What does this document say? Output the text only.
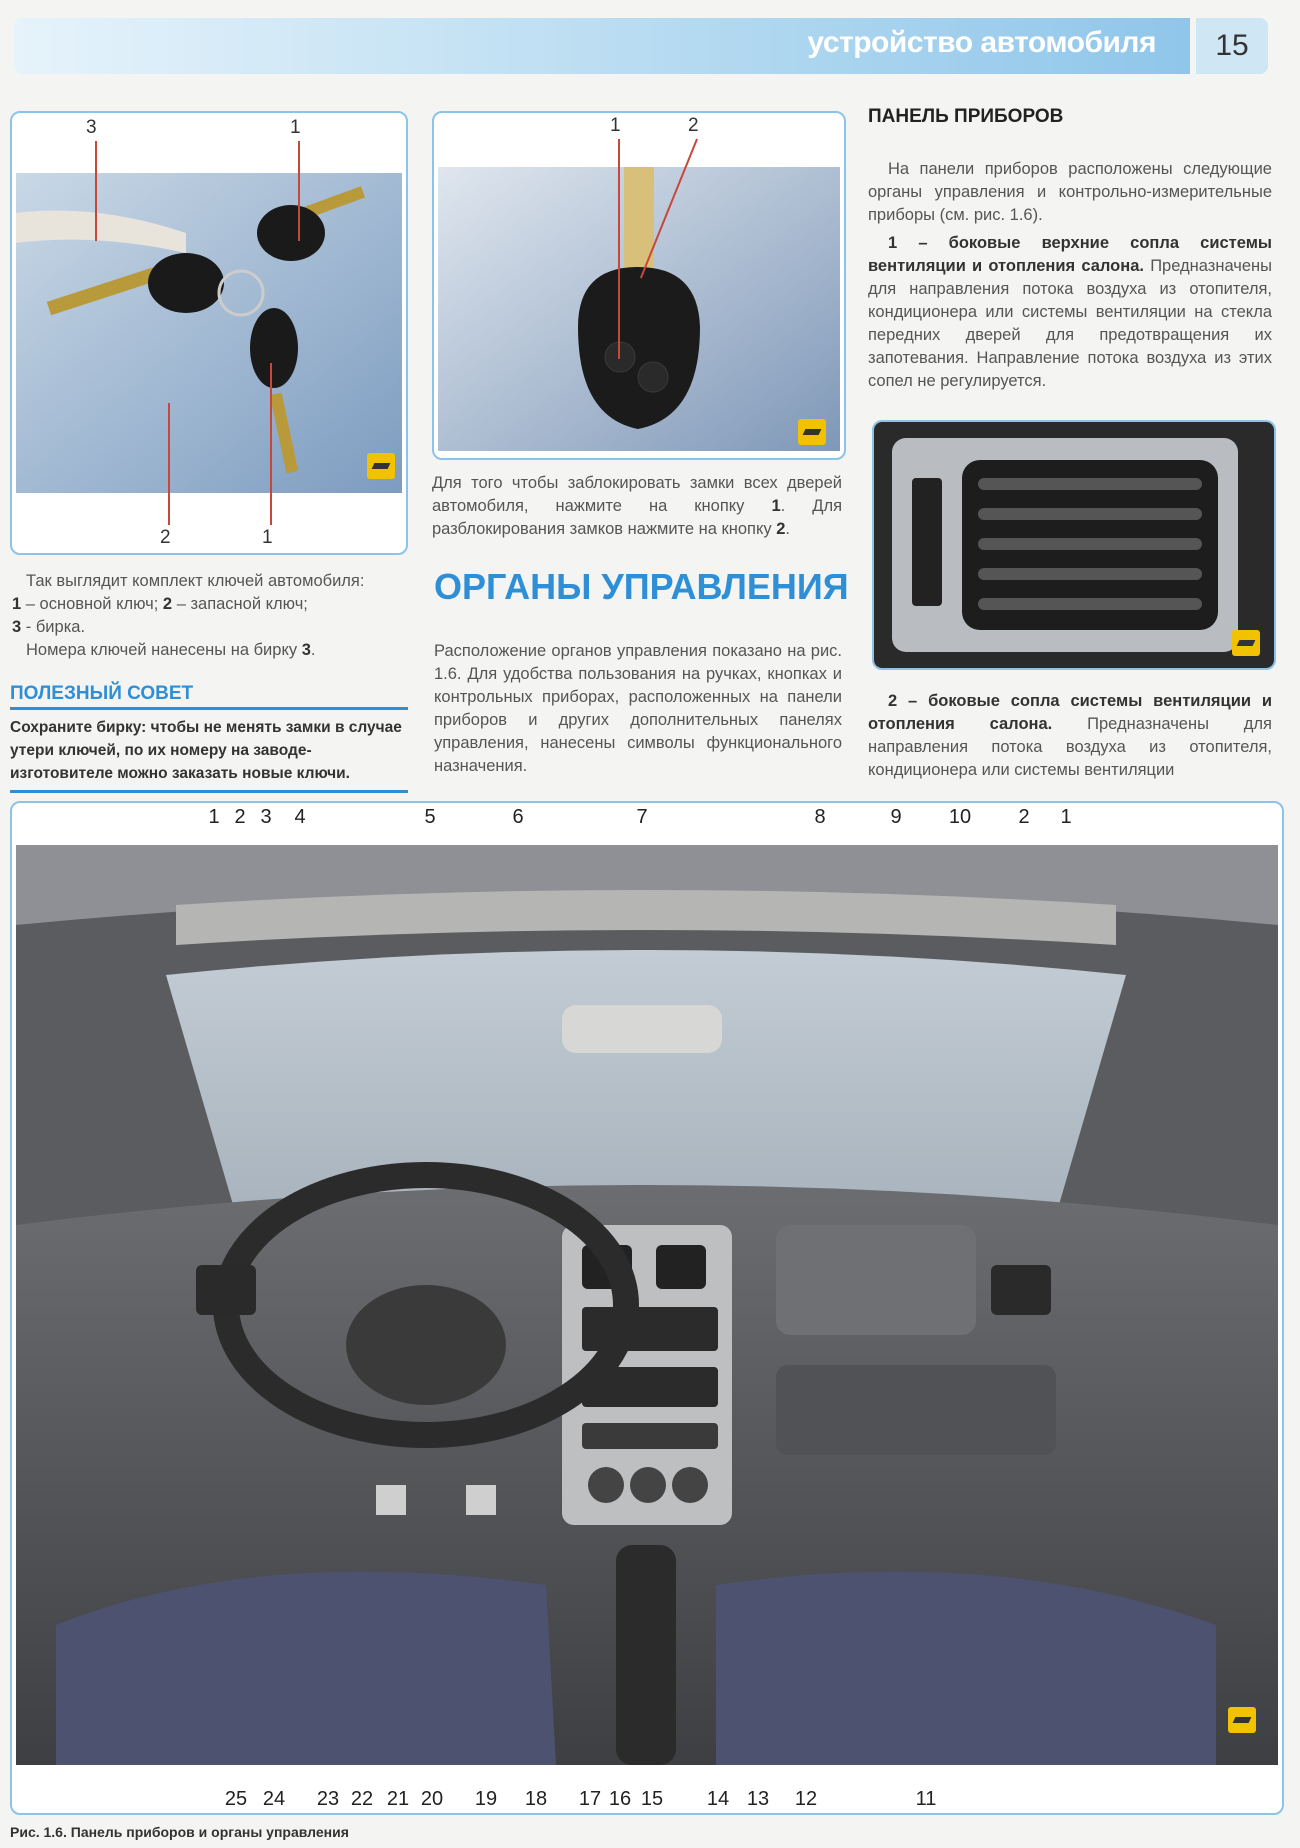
устройство автомобиля	15
3	1
2	1
1	2
Для того чтобы заблокировать замки всех дверей автомобиля, нажмите на кнопку 1. Для разблокирования замков нажмите на кнопку 2.
Так выглядит комплект ключей автомобиля:
1 – основной ключ; 2 – запасной ключ;
3 - бирка.
Номера ключей нанесены на бирку 3.
ПОЛЕЗНЫЙ СОВЕТ
Сохраните бирку: чтобы не менять замки в случае утери ключей, по их номеру на заводе-изготовителе можно заказать новые ключи.
ОРГАНЫ УПРАВЛЕНИЯ
Расположение органов управления показано на рис. 1.6. Для удобства пользования на ручках, кнопках и контрольных приборах, расположенных на панели приборов и других дополнительных панелях управления, нанесены символы функционального назначения.
ПАНЕЛЬ ПРИБОРОВ
На панели приборов расположены следующие органы управления и контрольно-измерительные приборы (см. рис. 1.6).
1 – боковые верхние сопла системы вентиляции и отопления салона. Предназначены для направления потока воздуха из отопителя, кондиционера или системы вентиляции на стекла передних дверей для предотвращения их запотевания. Направление потока воздуха из этих сопел не регулируется.
2 – боковые сопла системы вентиляции и отопления салона. Предназначены для направления потока воздуха из отопителя, кондиционера или системы вентиляции
1 2 3 4	5	6	7	8	9 10 2 1
25 24 23 22 21 20 19 18 17 16 15 14 13 12	11
Рис. 1.6. Панель приборов и органы управления
